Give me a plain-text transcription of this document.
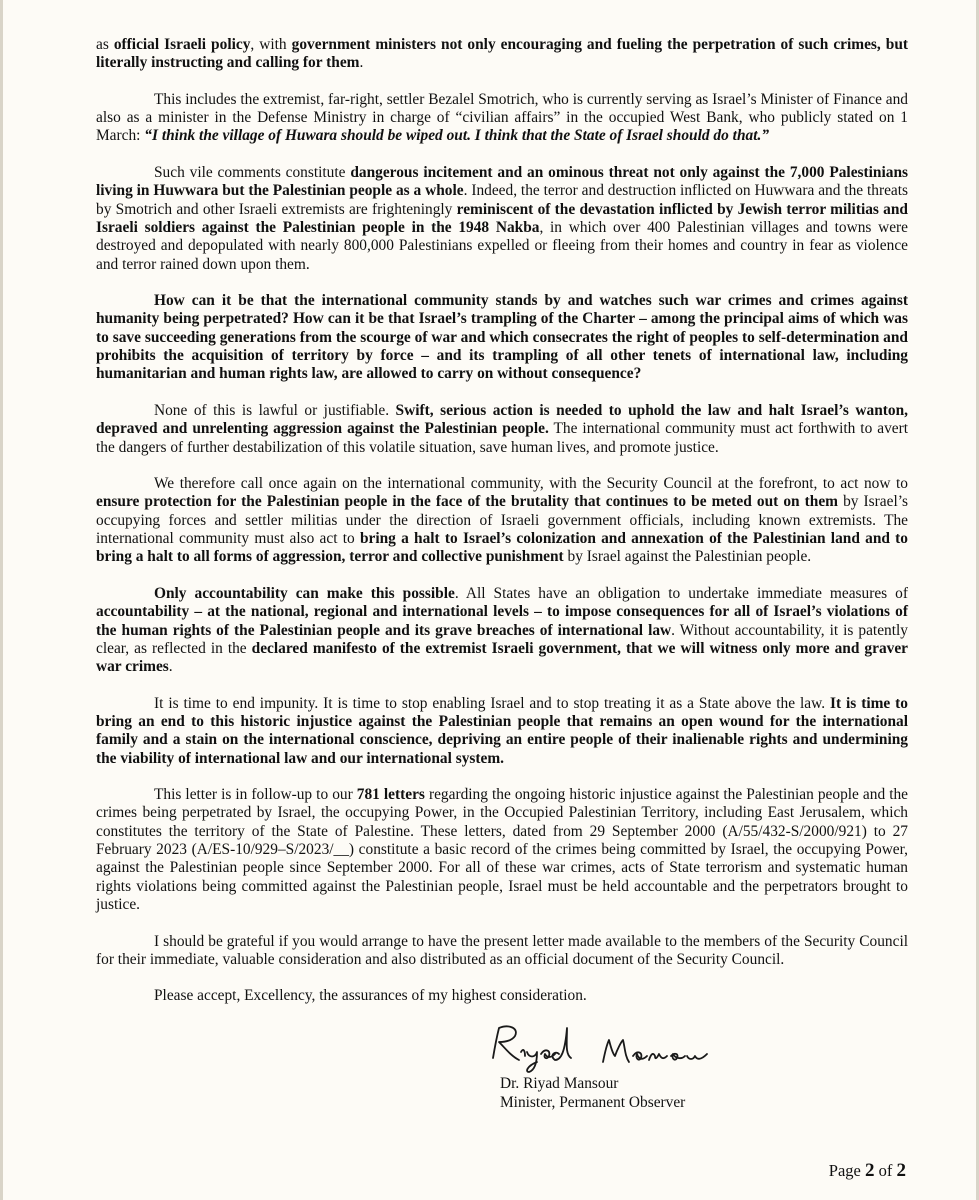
as official Israeli policy, with government ministers not only encouraging and fueling the perpetration of such crimes, but literally instructing and calling for them.

This includes the extremist, far-right, settler Bezalel Smotrich, who is currently serving as Israel’s Minister of Finance and also as a minister in the Defense Ministry in charge of “civilian affairs” in the occupied West Bank, who publicly stated on 1 March: “I think the village of Huwara should be wiped out. I think that the State of Israel should do that.”

Such vile comments constitute dangerous incitement and an ominous threat not only against the 7,000 Palestinians living in Huwwara but the Palestinian people as a whole. Indeed, the terror and destruction inflicted on Huwwara and the threats by Smotrich and other Israeli extremists are frighteningly reminiscent of the devastation inflicted by Jewish terror militias and Israeli soldiers against the Palestinian people in the 1948 Nakba, in which over 400 Palestinian villages and towns were destroyed and depopulated with nearly 800,000 Palestinians expelled or fleeing from their homes and country in fear as violence and terror rained down upon them.

How can it be that the international community stands by and watches such war crimes and crimes against humanity being perpetrated? How can it be that Israel’s trampling of the Charter – among the principal aims of which was to save succeeding generations from the scourge of war and which consecrates the right of peoples to self-determination and prohibits the acquisition of territory by force – and its trampling of all other tenets of international law, including humanitarian and human rights law, are allowed to carry on without consequence?

None of this is lawful or justifiable. Swift, serious action is needed to uphold the law and halt Israel’s wanton, depraved and unrelenting aggression against the Palestinian people. The international community must act forthwith to avert the dangers of further destabilization of this volatile situation, save human lives, and promote justice.

We therefore call once again on the international community, with the Security Council at the forefront, to act now to ensure protection for the Palestinian people in the face of the brutality that continues to be meted out on them by Israel’s occupying forces and settler militias under the direction of Israeli government officials, including known extremists. The international community must also act to bring a halt to Israel’s colonization and annexation of the Palestinian land and to bring a halt to all forms of aggression, terror and collective punishment by Israel against the Palestinian people.

Only accountability can make this possible. All States have an obligation to undertake immediate measures of accountability – at the national, regional and international levels – to impose consequences for all of Israel’s violations of the human rights of the Palestinian people and its grave breaches of international law. Without accountability, it is patently clear, as reflected in the declared manifesto of the extremist Israeli government, that we will witness only more and graver war crimes.

It is time to end impunity. It is time to stop enabling Israel and to stop treating it as a State above the law. It is time to bring an end to this historic injustice against the Palestinian people that remains an open wound for the international family and a stain on the international conscience, depriving an entire people of their inalienable rights and undermining the viability of international law and our international system.

This letter is in follow-up to our 781 letters regarding the ongoing historic injustice against the Palestinian people and the crimes being perpetrated by Israel, the occupying Power, in the Occupied Palestinian Territory, including East Jerusalem, which constitutes the territory of the State of Palestine. These letters, dated from 29 September 2000 (A/55/432-S/2000/921) to 27 February 2023 (A/ES-10/929–S/2023/__) constitute a basic record of the crimes being committed by Israel, the occupying Power, against the Palestinian people since September 2000. For all of these war crimes, acts of State terrorism and systematic human rights violations being committed against the Palestinian people, Israel must be held accountable and the perpetrators brought to justice.

I should be grateful if you would arrange to have the present letter made available to the members of the Security Council for their immediate, valuable consideration and also distributed as an official document of the Security Council.

Please accept, Excellency, the assurances of my highest consideration.

Dr. Riyad Mansour
Minister, Permanent Observer
Page 2 of 2
